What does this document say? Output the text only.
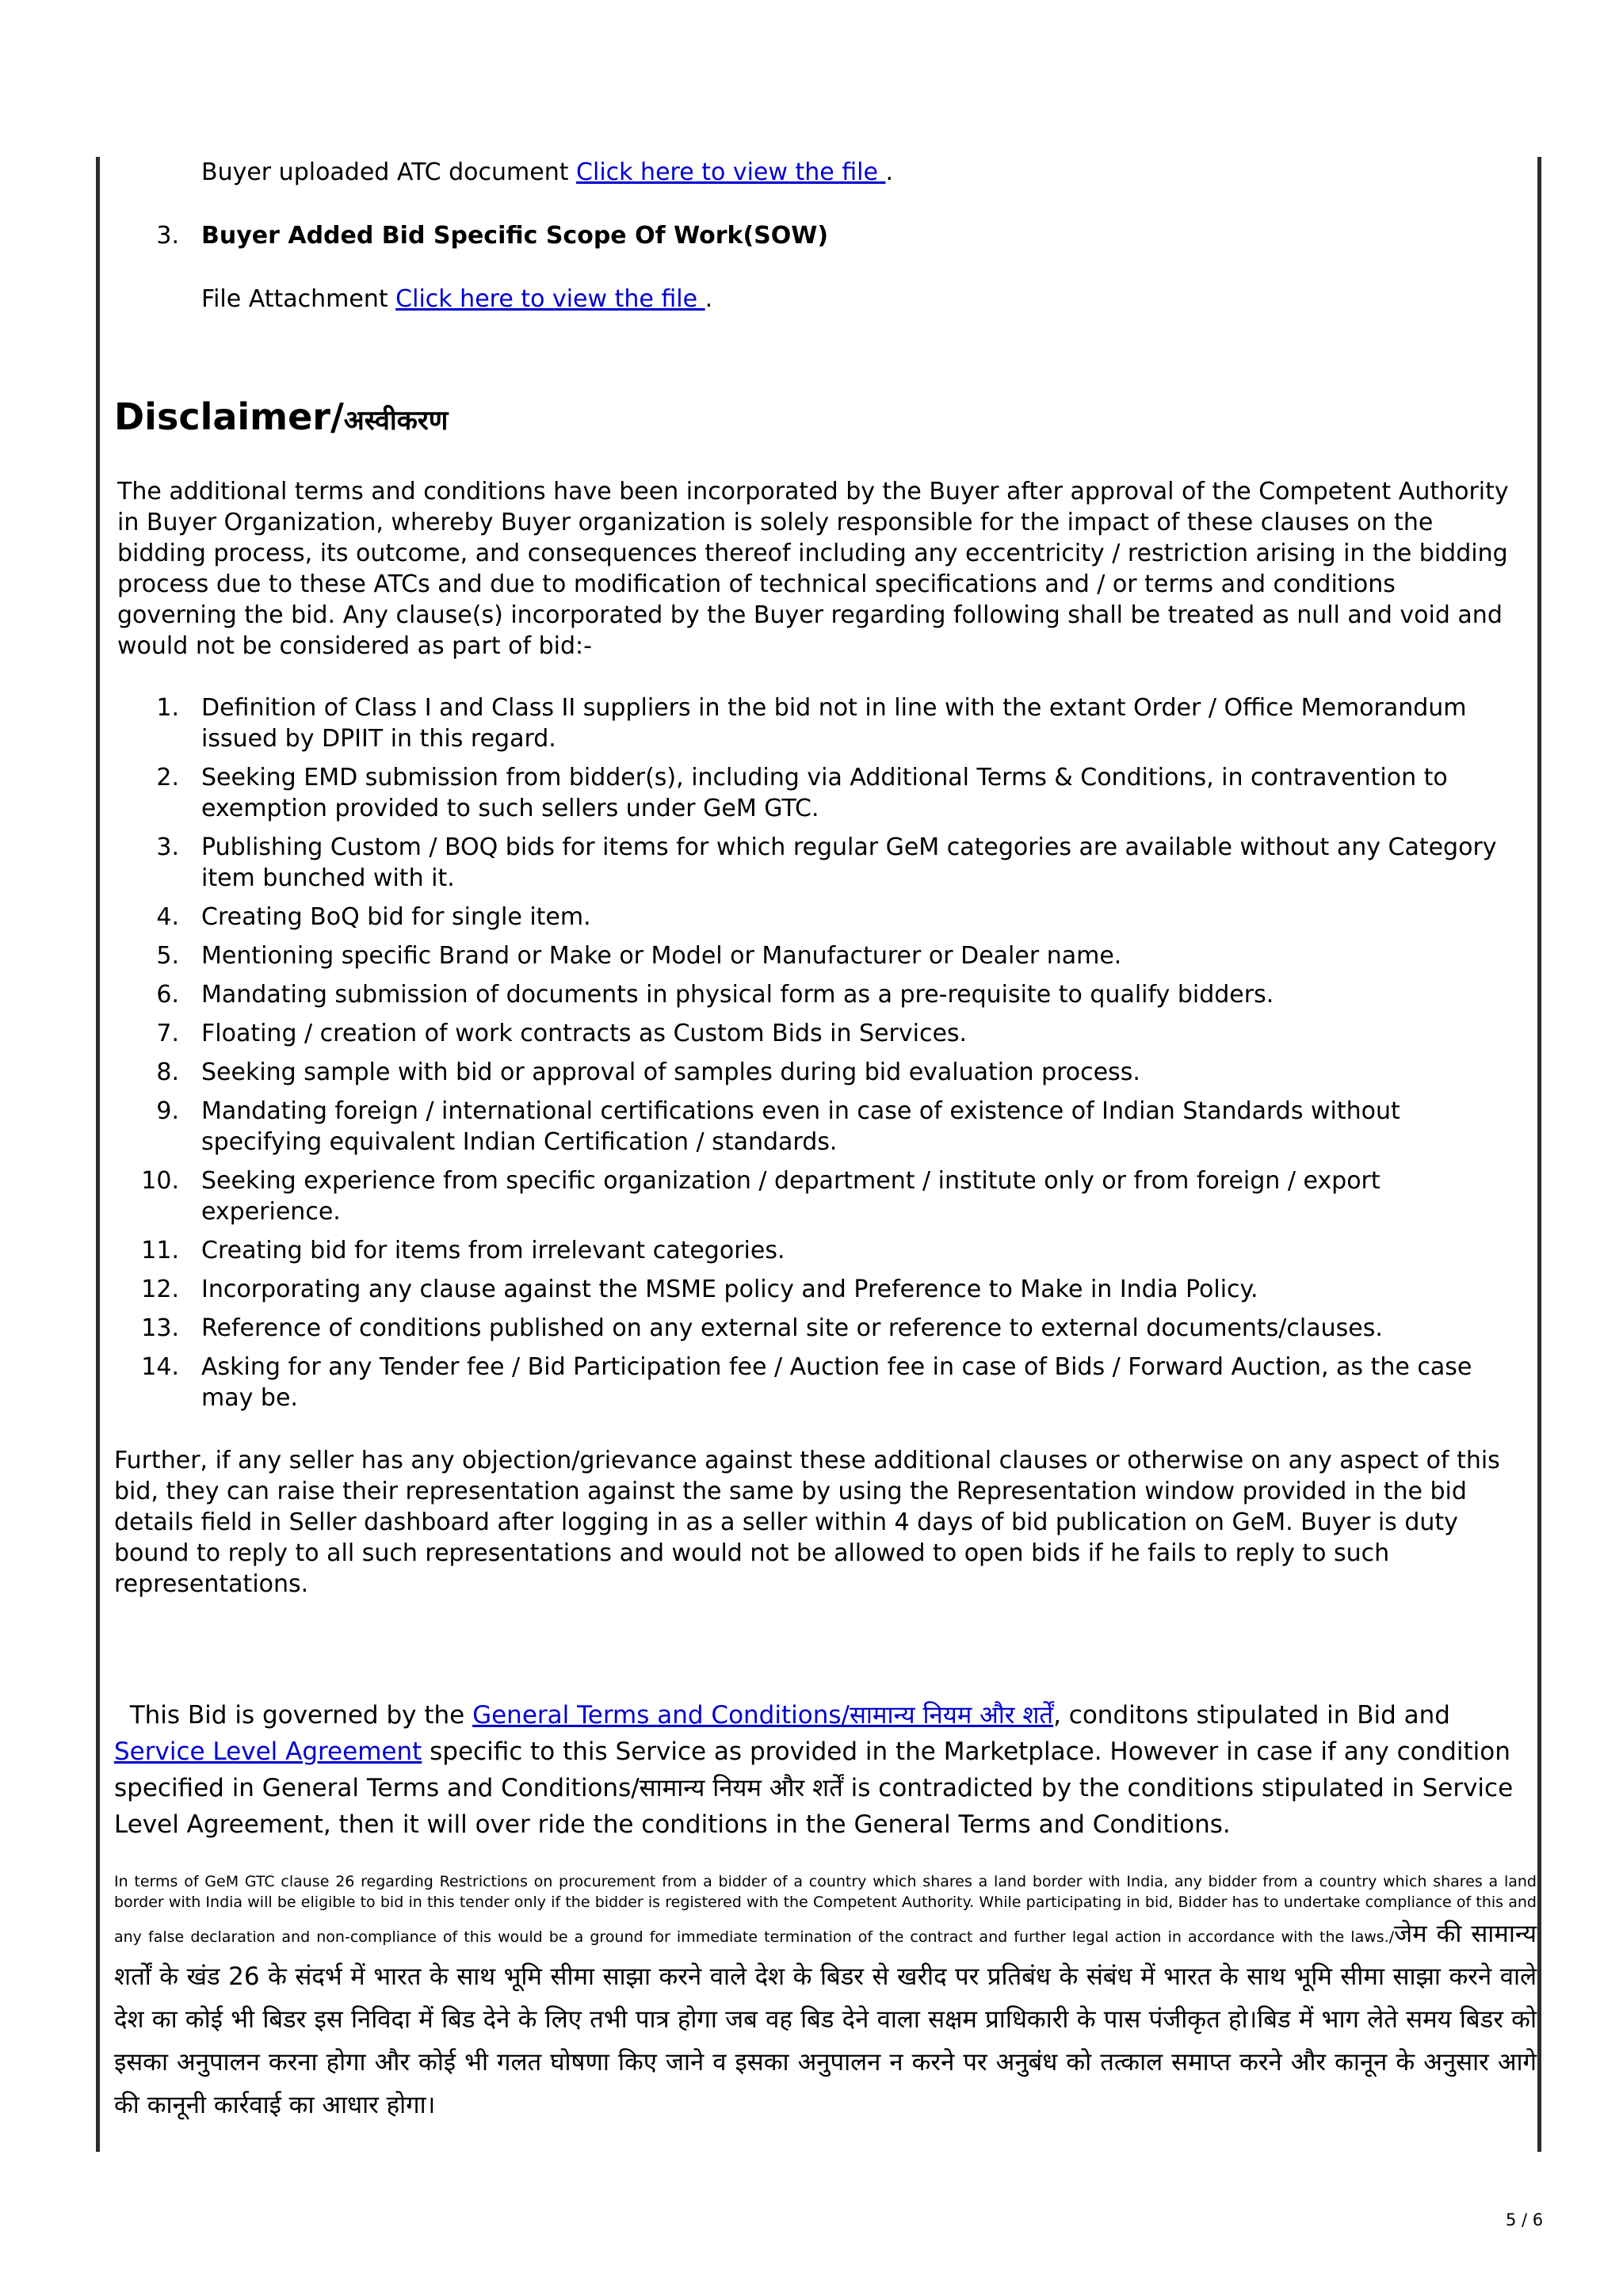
Buyer uploaded ATC document Click here to view the file .
3. Buyer Added Bid Specific Scope Of Work(SOW)
File Attachment Click here to view the file .
Disclaimer/अस्वीकरण
The additional terms and conditions have been incorporated by the Buyer after approval of the Competent Authority in Buyer Organization, whereby Buyer organization is solely responsible for the impact of these clauses on the bidding process, its outcome, and consequences thereof including any eccentricity / restriction arising in the bidding process due to these ATCs and due to modification of technical specifications and / or terms and conditions governing the bid. Any clause(s) incorporated by the Buyer regarding following shall be treated as null and void and would not be considered as part of bid:-
1. Definition of Class I and Class II suppliers in the bid not in line with the extant Order / Office Memorandum issued by DPIIT in this regard.
2. Seeking EMD submission from bidder(s), including via Additional Terms & Conditions, in contravention to exemption provided to such sellers under GeM GTC.
3. Publishing Custom / BOQ bids for items for which regular GeM categories are available without any Category item bunched with it.
4. Creating BoQ bid for single item.
5. Mentioning specific Brand or Make or Model or Manufacturer or Dealer name.
6. Mandating submission of documents in physical form as a pre-requisite to qualify bidders.
7. Floating / creation of work contracts as Custom Bids in Services.
8. Seeking sample with bid or approval of samples during bid evaluation process.
9. Mandating foreign / international certifications even in case of existence of Indian Standards without specifying equivalent Indian Certification / standards.
10. Seeking experience from specific organization / department / institute only or from foreign / export experience.
11. Creating bid for items from irrelevant categories.
12. Incorporating any clause against the MSME policy and Preference to Make in India Policy.
13. Reference of conditions published on any external site or reference to external documents/clauses.
14. Asking for any Tender fee / Bid Participation fee / Auction fee in case of Bids / Forward Auction, as the case may be.
Further, if any seller has any objection/grievance against these additional clauses or otherwise on any aspect of this bid, they can raise their representation against the same by using the Representation window provided in the bid details field in Seller dashboard after logging in as a seller within 4 days of bid publication on GeM. Buyer is duty bound to reply to all such representations and would not be allowed to open bids if he fails to reply to such representations.
This Bid is governed by the General Terms and Conditions/सामान्य नियम और शर्तें, conditons stipulated in Bid and Service Level Agreement specific to this Service as provided in the Marketplace. However in case if any condition specified in General Terms and Conditions/सामान्य नियम और शर्तें is contradicted by the conditions stipulated in Service Level Agreement, then it will over ride the conditions in the General Terms and Conditions.
In terms of GeM GTC clause 26 regarding Restrictions on procurement from a bidder of a country which shares a land border with India, any bidder from a country which shares a land border with India will be eligible to bid in this tender only if the bidder is registered with the Competent Authority. While participating in bid, Bidder has to undertake compliance of this and any false declaration and non-compliance of this would be a ground for immediate termination of the contract and further legal action in accordance with the laws./जेम की सामान्य शर्तों के खंड 26 के संदर्भ में भारत के साथ भूमि सीमा साझा करने वाले देश के बिडर से खरीद पर प्रतिबंध के संबंध में भारत के साथ भूमि सीमा साझा करने वाले देश का कोई भी बिडर इस निविदा में बिड देने के लिए तभी पात्र होगा जब वह बिड देने वाला सक्षम प्राधिकारी के पास पंजीकृत हो।बिड में भाग लेते समय बिडर को इसका अनुपालन करना होगा और कोई भी गलत घोषणा किए जाने व इसका अनुपालन न करने पर अनुबंध को तत्काल समाप्त करने और कानून के अनुसार आगे की कानूनी कार्रवाई का आधार होगा।
5 / 6
